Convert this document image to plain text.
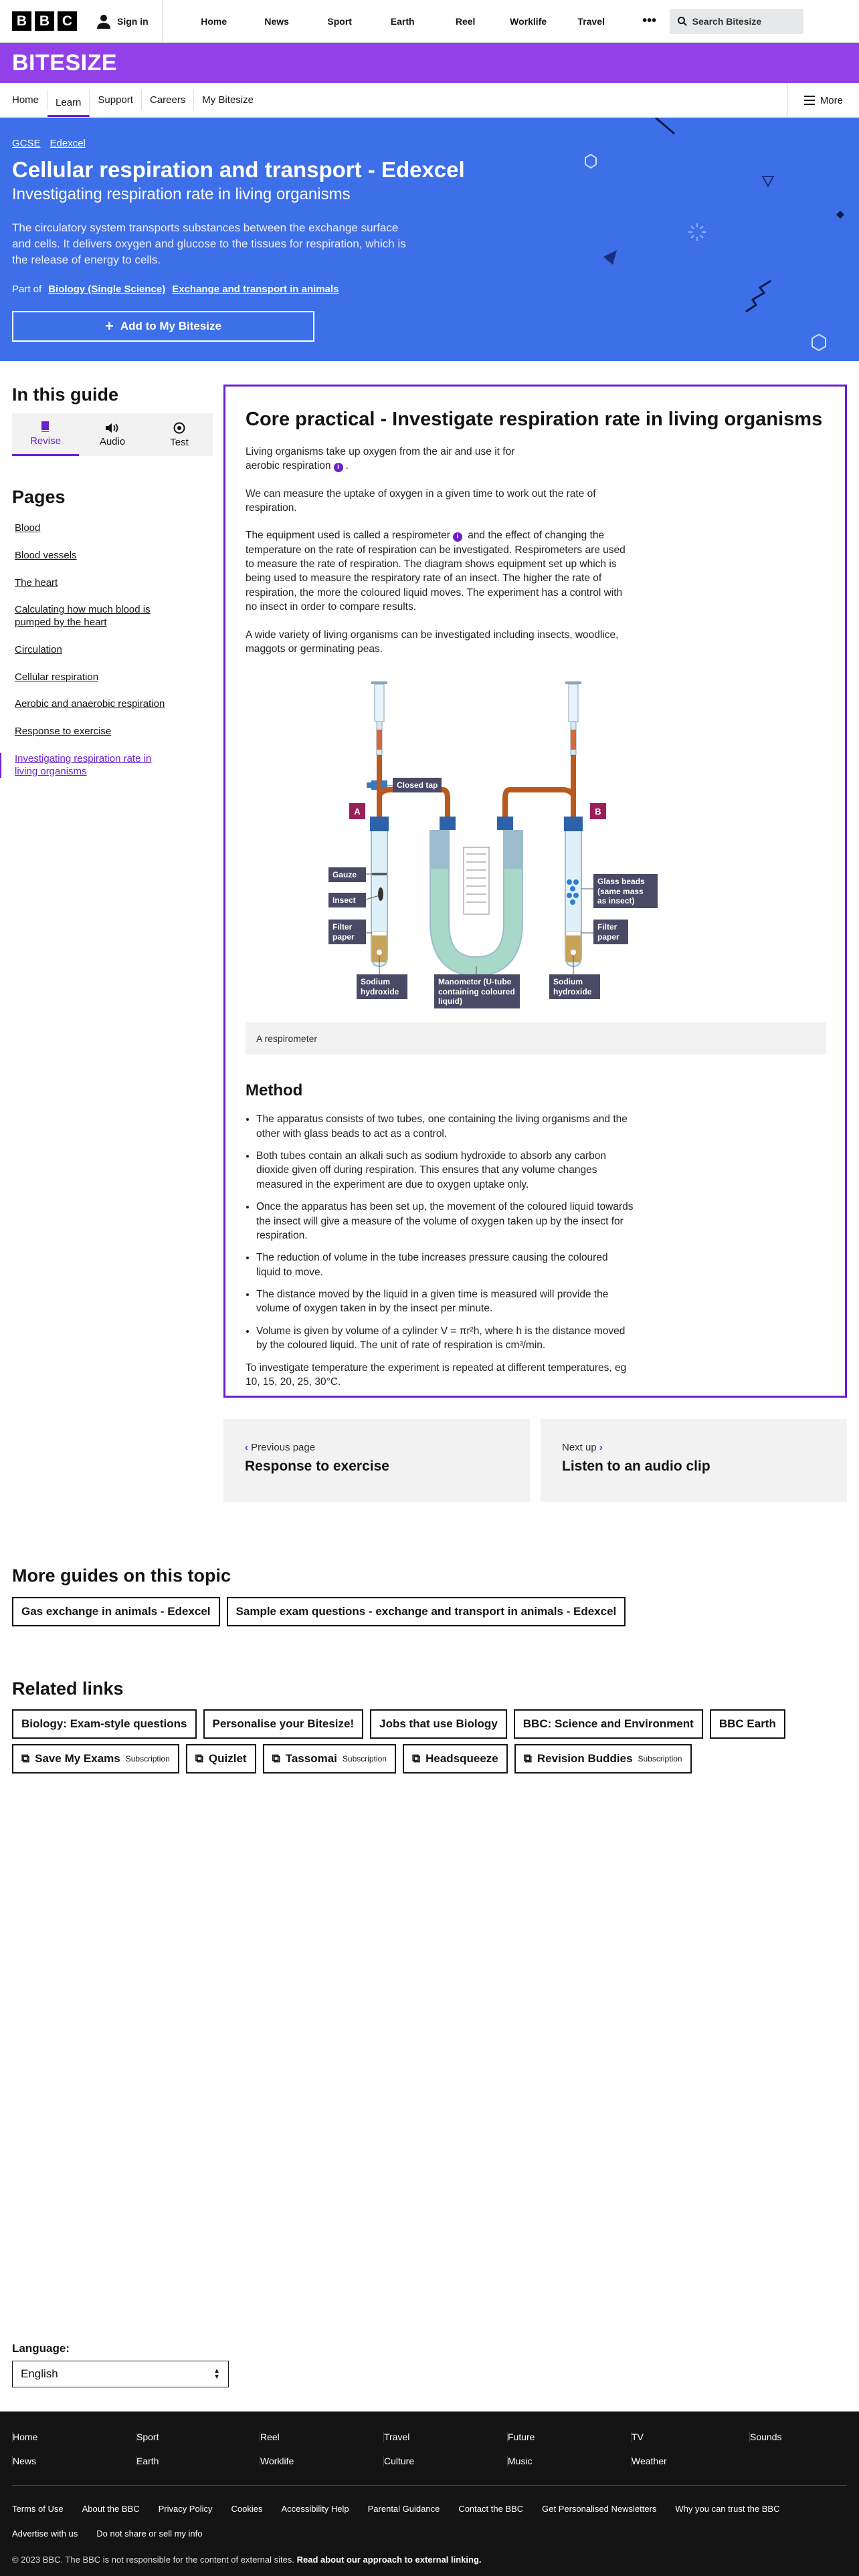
B B C	Sign in	Home	News	Sport	Earth	Reel	Worklife	Travel	•••	Search Bitesize
BITESIZE
Home	Learn	Support	Careers	My Bitesize	More
GCSE Edexcel
Cellular respiration and transport - Edexcel
Investigating respiration rate in living organisms

The circulatory system transports substances between the exchange surface and cells. It delivers oxygen and glucose to the tissues for respiration, which is the release of energy to cells.

Part of Biology (Single Science) Exchange and transport in animals
+ Add to My Bitesize
In this guide
Revise	Audio	Test
Pages
Blood
Blood vessels
The heart
Calculating how much blood is pumped by the heart
Circulation
Cellular respiration
Aerobic and anaerobic respiration
Response to exercise
Investigating respiration rate in living organisms
Core practical - Investigate respiration rate in living organisms

Living organisms take up oxygen from the air and use it for
aerobic respiration i .

We can measure the uptake of oxygen in a given time to work out the rate of respiration.

The equipment used is called a respirometer i and the effect of changing the temperature on the rate of respiration can be investigated. Respirometers are used to measure the rate of respiration. The diagram shows equipment set up which is being used to measure the respiratory rate of an insect. The higher the rate of respiration, the more the coloured liquid moves. The experiment has a control with no insect in order to compare results.

A wide variety of living organisms can be investigated including insects, woodlice, maggots or germinating peas.

Closed tap
A	B
Gauze
Insect
Filter paper
Sodium hydroxide
Manometer (U-tube containing coloured liquid)
Glass beads (same mass as insect)
Filter paper
Sodium hydroxide
A respirometer
Method
• The apparatus consists of two tubes, one containing the living organisms and the other with glass beads to act as a control.
• Both tubes contain an alkali such as sodium hydroxide to absorb any carbon dioxide given off during respiration. This ensures that any volume changes measured in the experiment are due to oxygen uptake only.
• Once the apparatus has been set up, the movement of the coloured liquid towards the insect will give a measure of the volume of oxygen taken up by the insect for respiration.
• The reduction of volume in the tube increases pressure causing the coloured liquid to move.
• The distance moved by the liquid in a given time is measured will provide the volume of oxygen taken in by the insect per minute.
• Volume is given by volume of a cylinder V = πr²h, where h is the distance moved by the coloured liquid. The unit of rate of respiration is cm³/min.

To investigate temperature the experiment is repeated at different temperatures, eg 10, 15, 20, 25, 30°C.

‹ Previous page
Response to exercise
Next up ›
Listen to an audio clip
More guides on this topic
Gas exchange in animals - Edexcel	Sample exam questions - exchange and transport in animals - Edexcel
Related links
Biology: Exam-style questions	Personalise your Bitesize!	Jobs that use Biology	BBC: Science and Environment	BBC Earth
⧉ Save My Exams Subscription ⧉ Quizlet ⧉ Tassomai Subscription ⧉ Headsqueeze ⧉ Revision Buddies Subscription
Language:
English	▲
▼
Home	Sport	Reel	Travel	Future	TV	Sounds
News	Earth	Worklife	Culture	Music	Weather
Terms of Use About the BBC Privacy Policy Cookies Accessibility Help Parental Guidance Contact the BBC Get Personalised Newsletters Why you can trust the BBC
Advertise with us Do not share or sell my info
© 2023 BBC. The BBC is not responsible for the content of external sites. Read about our approach to external linking.
